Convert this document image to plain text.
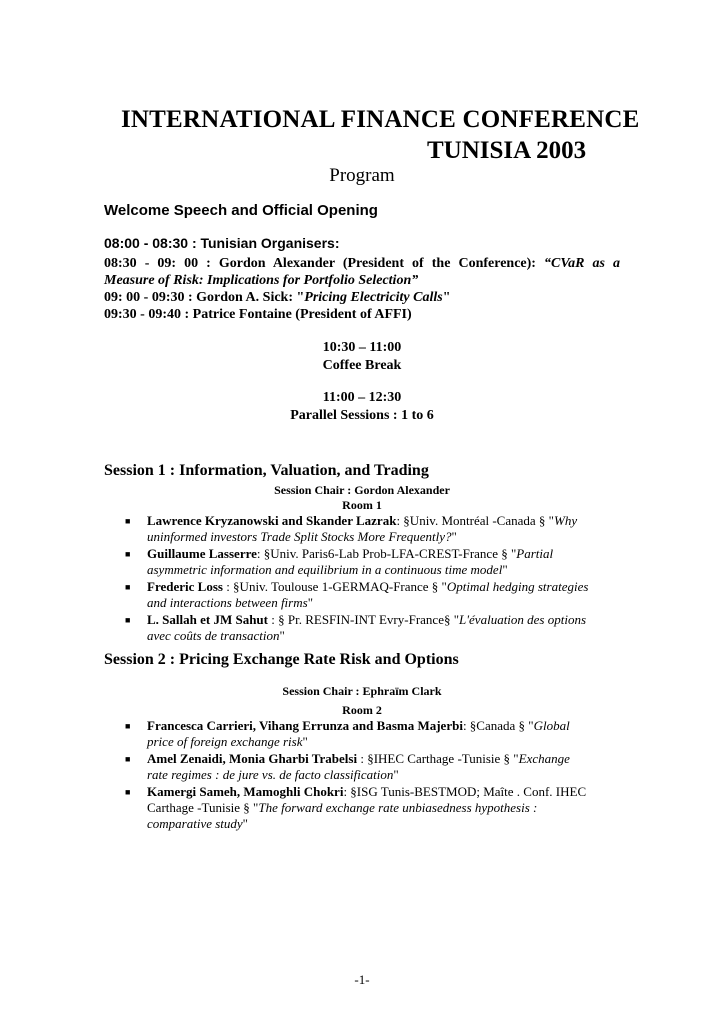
INTERNATIONAL FINANCE CONFERENCE
TUNISIA 2003
Program
Welcome Speech and Official Opening
08:00 - 08:30 : Tunisian Organisers:
08:30 - 09: 00 : Gordon Alexander (President of the Conference): “CVaR as a
Measure of Risk: Implications for Portfolio Selection”
09: 00 - 09:30 : Gordon A. Sick: "Pricing Electricity Calls"
09:30 - 09:40 : Patrice Fontaine (President of AFFI)
10:30 – 11:00
Coffee Break
11:00 – 12:30
Parallel Sessions : 1 to 6
Session 1 : Information, Valuation, and Trading
Session Chair : Gordon Alexander
Room 1
■ Lawrence Kryzanowski and Skander Lazrak: §Univ. Montréal -Canada § "Why uninformed investors Trade Split Stocks More Frequently?"
■ Guillaume Lasserre: §Univ. Paris6-Lab Prob-LFA-CREST-France § "Partial asymmetric information and equilibrium in a continuous time model"
■ Frederic Loss : §Univ. Toulouse 1-GERMAQ-France § "Optimal hedging strategies and interactions between firms"
■ L. Sallah et JM Sahut : § Pr. RESFIN-INT Evry-France§ "L'évaluation des options avec coûts de transaction"
Session 2 : Pricing Exchange Rate Risk and Options
Session Chair : Ephraïm Clark
Room 2
■ Francesca Carrieri, Vihang Errunza and Basma Majerbi: §Canada § "Global price of foreign exchange risk"
■ Amel Zenaidi, Monia Gharbi Trabelsi : §IHEC Carthage -Tunisie § "Exchange rate regimes : de jure vs. de facto classification"
■ Kamergi Sameh, Mamoghli Chokri: §ISG Tunis-BESTMOD; Maîte . Conf. IHEC Carthage -Tunisie § "The forward exchange rate unbiasedness hypothesis : comparative study"
-1-
